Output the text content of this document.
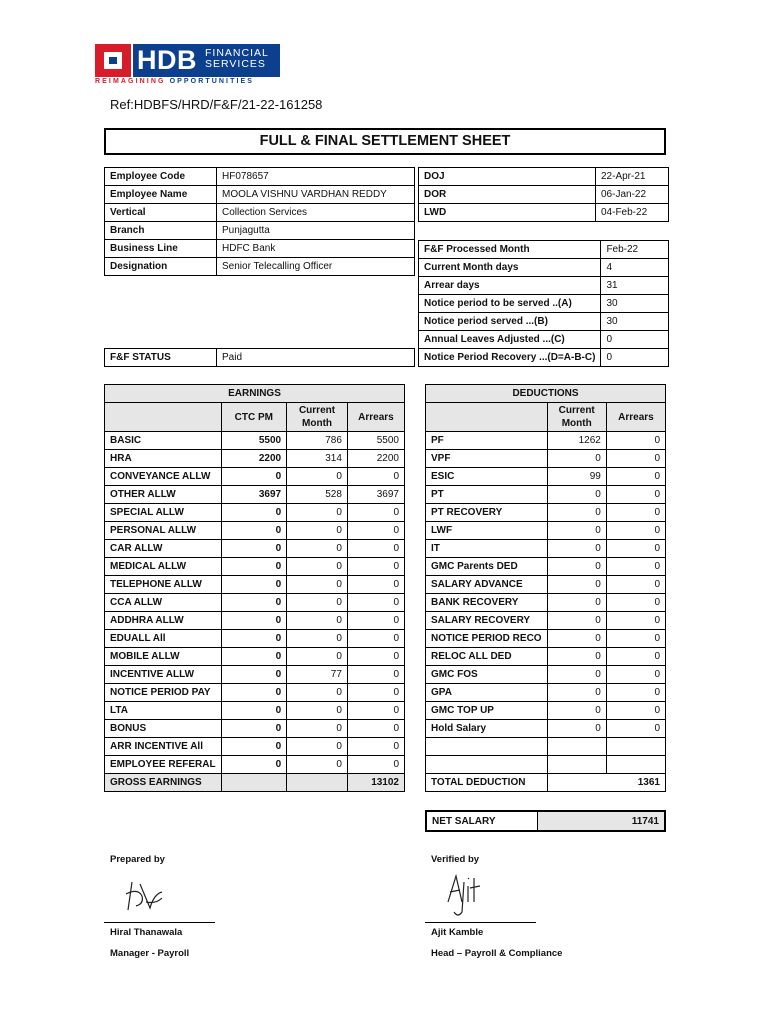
HDB FINANCIAL
SERVICES
REIMAGINING OPPORTUNITIES
Ref:HDBFS/HRD/F&F/21-22-161258
FULL & FINAL SETTLEMENT SHEET
Employee Code	HF078657
Employee Name	MOOLA VISHNU VARDHAN REDDY
Vertical	Collection Services
Branch	Punjagutta
Business Line	HDFC Bank
Designation	Senior Telecalling Officer
DOJ	22-Apr-21
DOR	06-Jan-22
LWD	04-Feb-22
F&F Processed Month	Feb-22
Current Month days	4
Arrear days	31
Notice period to be served ..(A)	30
Notice period served ...(B)	30
Annual Leaves Adjusted ...(C)	0
Notice Period Recovery ...(D=A-B-C)	0
F&F STATUS	Paid
EARNINGS			
	CTC PM	Current Month	Arrears
BASIC	5500	786	5500
HRA	2200	314	2200
CONVEYANCE ALLW	0	0	0
OTHER ALLW	3697	528	3697
SPECIAL ALLW	0	0	0
PERSONAL ALLW	0	0	0
CAR ALLW	0	0	0
MEDICAL ALLW	0	0	0
TELEPHONE ALLW	0	0	0
CCA ALLW	0	0	0
ADDHRA ALLW	0	0	0
EDUALL All	0	0	0
MOBILE ALLW	0	0	0
INCENTIVE ALLW	0	77	0
NOTICE PERIOD PAY	0	0	0
LTA	0	0	0
BONUS	0	0	0
ARR INCENTIVE All	0	0	0
EMPLOYEE REFERAL	0	0	0
GROSS EARNINGS			13102
DEDUCTIONS		
	Current Month	Arrears
PF	1262	0
VPF	0	0
ESIC	99	0
PT	0	0
PT RECOVERY	0	0
LWF	0	0
IT	0	0
GMC Parents DED	0	0
SALARY ADVANCE	0	0
BANK RECOVERY	0	0
SALARY RECOVERY	0	0
NOTICE PERIOD RECO	0	0
RELOC ALL DED	0	0
GMC FOS	0	0
GPA	0	0
GMC TOP UP	0	0
Hold Salary	0	0

TOTAL DEDUCTION	1361	
NET SALARY	11741
Prepared by
Hiral Thanawala
Manager - Payroll
Verified by
Ajit Kamble
Head – Payroll & Compliance
